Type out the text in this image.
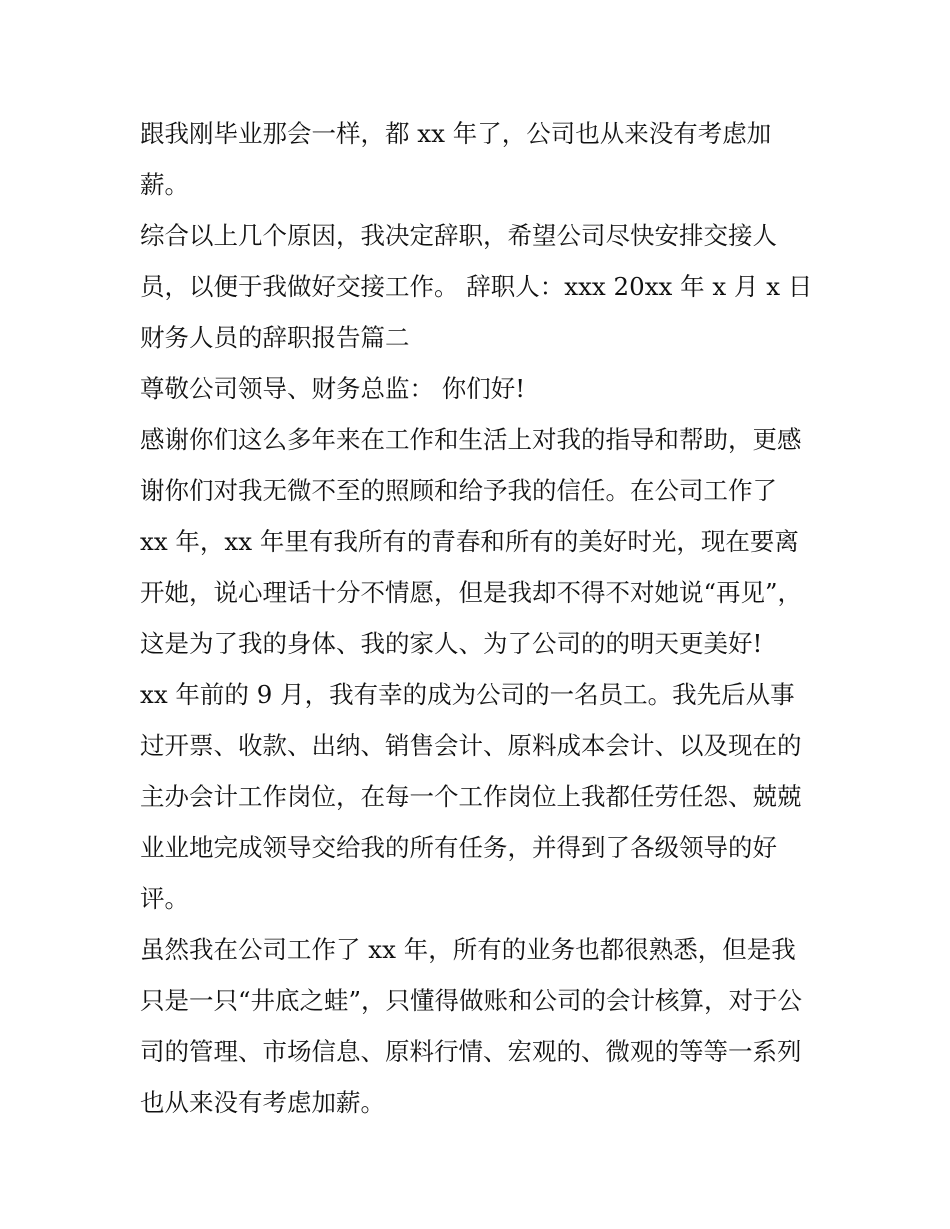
跟我刚毕业那会一样，都 xx 年了，公司也从来没有考虑加
薪。
综合以上几个原因，我决定辞职，希望公司尽快安排交接人
员，以便于我做好交接工作。 辞职人：xxx 20xx 年 x 月 x 日
财务人员的辞职报告篇二
尊敬公司领导、财务总监： 你们好!
感谢你们这么多年来在工作和生活上对我的指导和帮助，更感
谢你们对我无微不至的照顾和给予我的信任。在公司工作了
xx 年，xx 年里有我所有的青春和所有的美好时光，现在要离
开她，说心理话十分不情愿，但是我却不得不对她说“再见”，
这是为了我的身体、我的家人、为了公司的的明天更美好!
xx 年前的 9 月，我有幸的成为公司的一名员工。我先后从事
过开票、收款、出纳、销售会计、原料成本会计、以及现在的
主办会计工作岗位，在每一个工作岗位上我都任劳任怨、兢兢
业业地完成领导交给我的所有任务，并得到了各级领导的好
评。
虽然我在公司工作了 xx 年，所有的业务也都很熟悉，但是我
只是一只“井底之蛙”，只懂得做账和公司的会计核算，对于公
司的管理、市场信息、原料行情、宏观的、微观的等等一系列
也从来没有考虑加薪。
